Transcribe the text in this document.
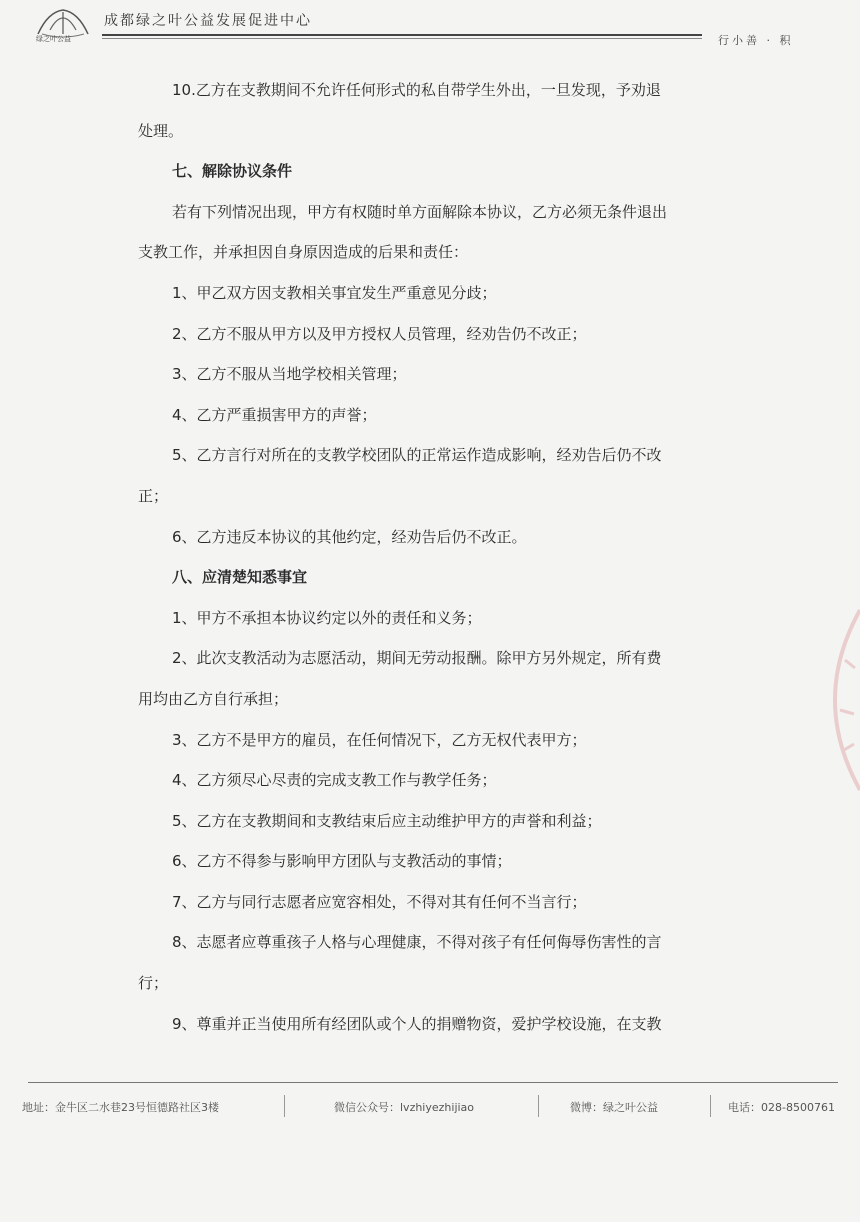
绿之叶公益
成都绿之叶公益发展促进中心
行小善 · 积
10.乙方在支教期间不允许任何形式的私自带学生外出，一旦发现，予劝退
处理。
七、解除协议条件
若有下列情况出现，甲方有权随时单方面解除本协议，乙方必须无条件退出
支教工作，并承担因自身原因造成的后果和责任：
1、甲乙双方因支教相关事宜发生严重意见分歧；
2、乙方不服从甲方以及甲方授权人员管理，经劝告仍不改正；
3、乙方不服从当地学校相关管理；
4、乙方严重损害甲方的声誉；
5、乙方言行对所在的支教学校团队的正常运作造成影响，经劝告后仍不改
正；
6、乙方违反本协议的其他约定，经劝告后仍不改正。
八、应清楚知悉事宜
1、甲方不承担本协议约定以外的责任和义务；
2、此次支教活动为志愿活动，期间无劳动报酬。除甲方另外规定，所有费
用均由乙方自行承担；
3、乙方不是甲方的雇员，在任何情况下，乙方无权代表甲方；
4、乙方须尽心尽责的完成支教工作与教学任务；
5、乙方在支教期间和支教结束后应主动维护甲方的声誉和利益；
6、乙方不得参与影响甲方团队与支教活动的事情；
7、乙方与同行志愿者应宽容相处，不得对其有任何不当言行；
8、志愿者应尊重孩子人格与心理健康，不得对孩子有任何侮辱伤害性的言
行；
9、尊重并正当使用所有经团队或个人的捐赠物资，爱护学校设施，在支教
地址：金牛区二水巷23号恒德路社区3楼	微信公众号：lvzhiyezhijiao	微博：绿之叶公益	电话：028-8500761
